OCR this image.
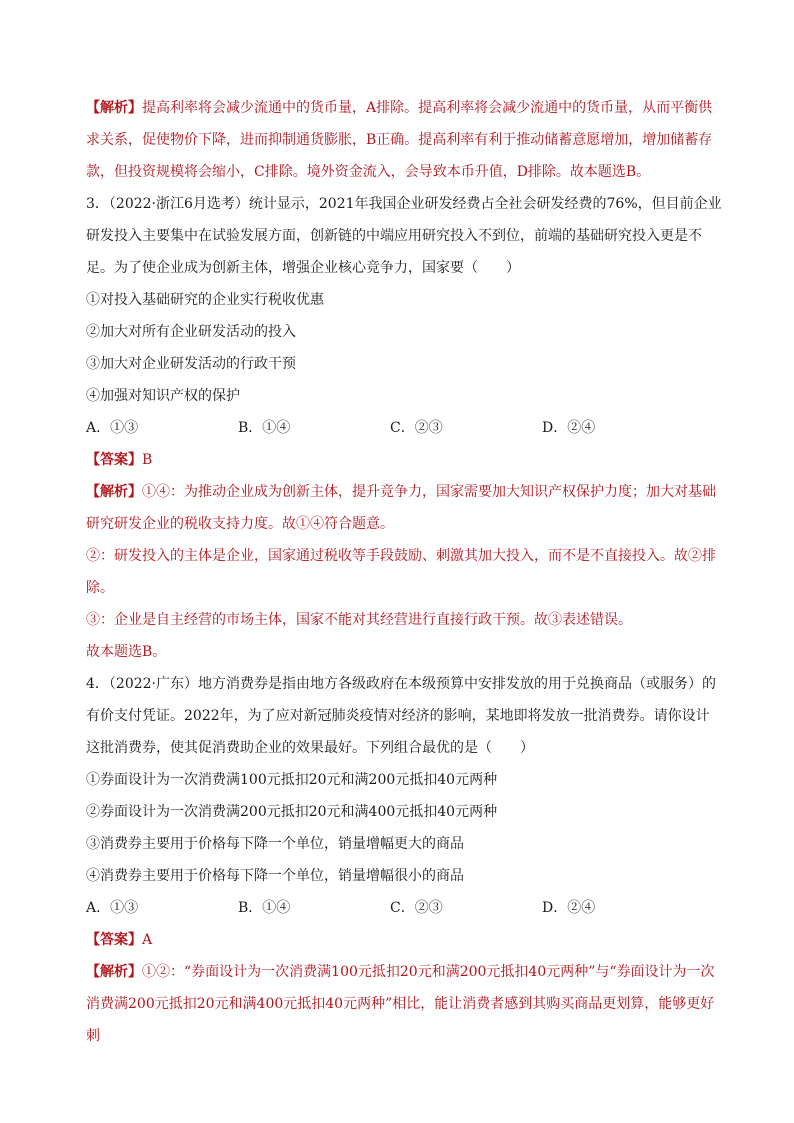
【解析】提高利率将会减少流通中的货币量，A排除。提高利率将会减少流通中的货币量，从而平衡供求关系，促使物价下降，进而抑制通货膨胀，B正确。提高利率有利于推动储蓄意愿增加，增加储蓄存款，但投资规模将会缩小，C排除。境外资金流入，会导致本币升值，D排除。故本题选B。

3．（2022·浙江6月选考）统计显示，2021年我国企业研发经费占全社会研发经费的76%，但目前企业研发投入主要集中在试验发展方面，创新链的中端应用研究投入不到位，前端的基础研究投入更是不足。为了使企业成为创新主体，增强企业核心竞争力，国家要（　　）

①对投入基础研究的企业实行税收优惠

②加大对所有企业研发活动的投入

③加大对企业研发活动的行政干预

④加强对知识产权的保护

A．①③	B．①④	C．②③	D．②④

【答案】B

【解析】①④：为推动企业成为创新主体，提升竞争力，国家需要加大知识产权保护力度；加大对基础研究研发企业的税收支持力度。故①④符合题意。

②：研发投入的主体是企业，国家通过税收等手段鼓励、刺激其加大投入，而不是不直接投入。故②排除。

③：企业是自主经营的市场主体，国家不能对其经营进行直接行政干预。故③表述错误。

故本题选B。

4．（2022·广东）地方消费券是指由地方各级政府在本级预算中安排发放的用于兑换商品（或服务）的有价支付凭证。2022年，为了应对新冠肺炎疫情对经济的影响，某地即将发放一批消费券。请你设计这批消费券，使其促消费助企业的效果最好。下列组合最优的是（　　）

①券面设计为一次消费满100元抵扣20元和满200元抵扣40元两种

②券面设计为一次消费满200元抵扣20元和满400元抵扣40元两种

③消费券主要用于价格每下降一个单位，销量增幅更大的商品

④消费券主要用于价格每下降一个单位，销量增幅很小的商品

A．①③	B．①④	C．②③	D．②④

【答案】A

【解析】①②：“券面设计为一次消费满100元抵扣20元和满200元抵扣40元两种”与“券面设计为一次消费满200元抵扣20元和满400元抵扣40元两种”相比，能让消费者感到其购买商品更划算，能够更好刺
